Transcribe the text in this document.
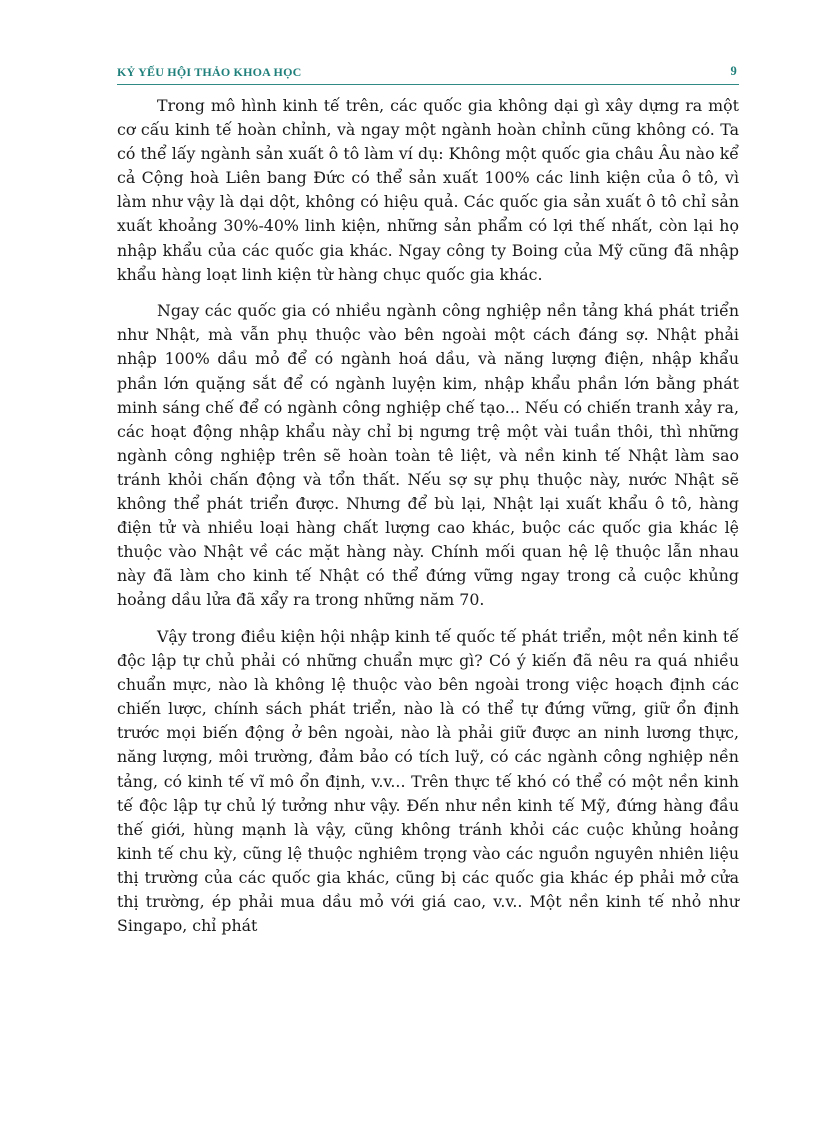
KỶ YẾU HỘI THẢO KHOA HỌC	9

Trong mô hình kinh tế trên, các quốc gia không dại gì xây dựng ra một cơ cấu kinh tế hoàn chỉnh, và ngay một ngành hoàn chỉnh cũng không có. Ta có thể lấy ngành sản xuất ô tô làm ví dụ: Không một quốc gia châu Âu nào kể cả Cộng hoà Liên bang Đức có thể sản xuất 100% các linh kiện của ô tô, vì làm như vậy là dại dột, không có hiệu quả. Các quốc gia sản xuất ô tô chỉ sản xuất khoảng 30%-40% linh kiện, những sản phẩm có lợi thế nhất, còn lại họ nhập khẩu của các quốc gia khác. Ngay công ty Boing của Mỹ cũng đã nhập khẩu hàng loạt linh kiện từ hàng chục quốc gia khác.

Ngay các quốc gia có nhiều ngành công nghiệp nền tảng khá phát triển như Nhật, mà vẫn phụ thuộc vào bên ngoài một cách đáng sợ. Nhật phải nhập 100% dầu mỏ để có ngành hoá dầu, và năng lượng điện, nhập khẩu phần lớn quặng sắt để có ngành luyện kim, nhập khẩu phần lớn bằng phát minh sáng chế để có ngành công nghiệp chế tạo... Nếu có chiến tranh xảy ra, các hoạt động nhập khẩu này chỉ bị ngưng trệ một vài tuần thôi, thì những ngành công nghiệp trên sẽ hoàn toàn tê liệt, và nền kinh tế Nhật làm sao tránh khỏi chấn động và tổn thất. Nếu sợ sự phụ thuộc này, nước Nhật sẽ không thể phát triển được. Nhưng để bù lại, Nhật lại xuất khẩu ô tô, hàng điện tử và nhiều loại hàng chất lượng cao khác, buộc các quốc gia khác lệ thuộc vào Nhật về các mặt hàng này. Chính mối quan hệ lệ thuộc lẫn nhau này đã làm cho kinh tế Nhật có thể đứng vững ngay trong cả cuộc khủng hoảng dầu lửa đã xẩy ra trong những năm 70.

Vậy trong điều kiện hội nhập kinh tế quốc tế phát triển, một nền kinh tế độc lập tự chủ phải có những chuẩn mực gì? Có ý kiến đã nêu ra quá nhiều chuẩn mực, nào là không lệ thuộc vào bên ngoài trong việc hoạch định các chiến lược, chính sách phát triển, nào là có thể tự đứng vững, giữ ổn định trước mọi biến động ở bên ngoài, nào là phải giữ được an ninh lương thực, năng lượng, môi trường, đảm bảo có tích luỹ, có các ngành công nghiệp nền tảng, có kinh tế vĩ mô ổn định, v.v... Trên thực tế khó có thể có một nền kinh tế độc lập tự chủ lý tưởng như vậy. Đến như nền kinh tế Mỹ, đứng hàng đầu thế giới, hùng mạnh là vậy, cũng không tránh khỏi các cuộc khủng hoảng kinh tế chu kỳ, cũng lệ thuộc nghiêm trọng vào các nguồn nguyên nhiên liệu thị trường của các quốc gia khác, cũng bị các quốc gia khác ép phải mở cửa thị trường, ép phải mua dầu mỏ với giá cao, v.v.. Một nền kinh tế nhỏ như Singapo, chỉ phát
